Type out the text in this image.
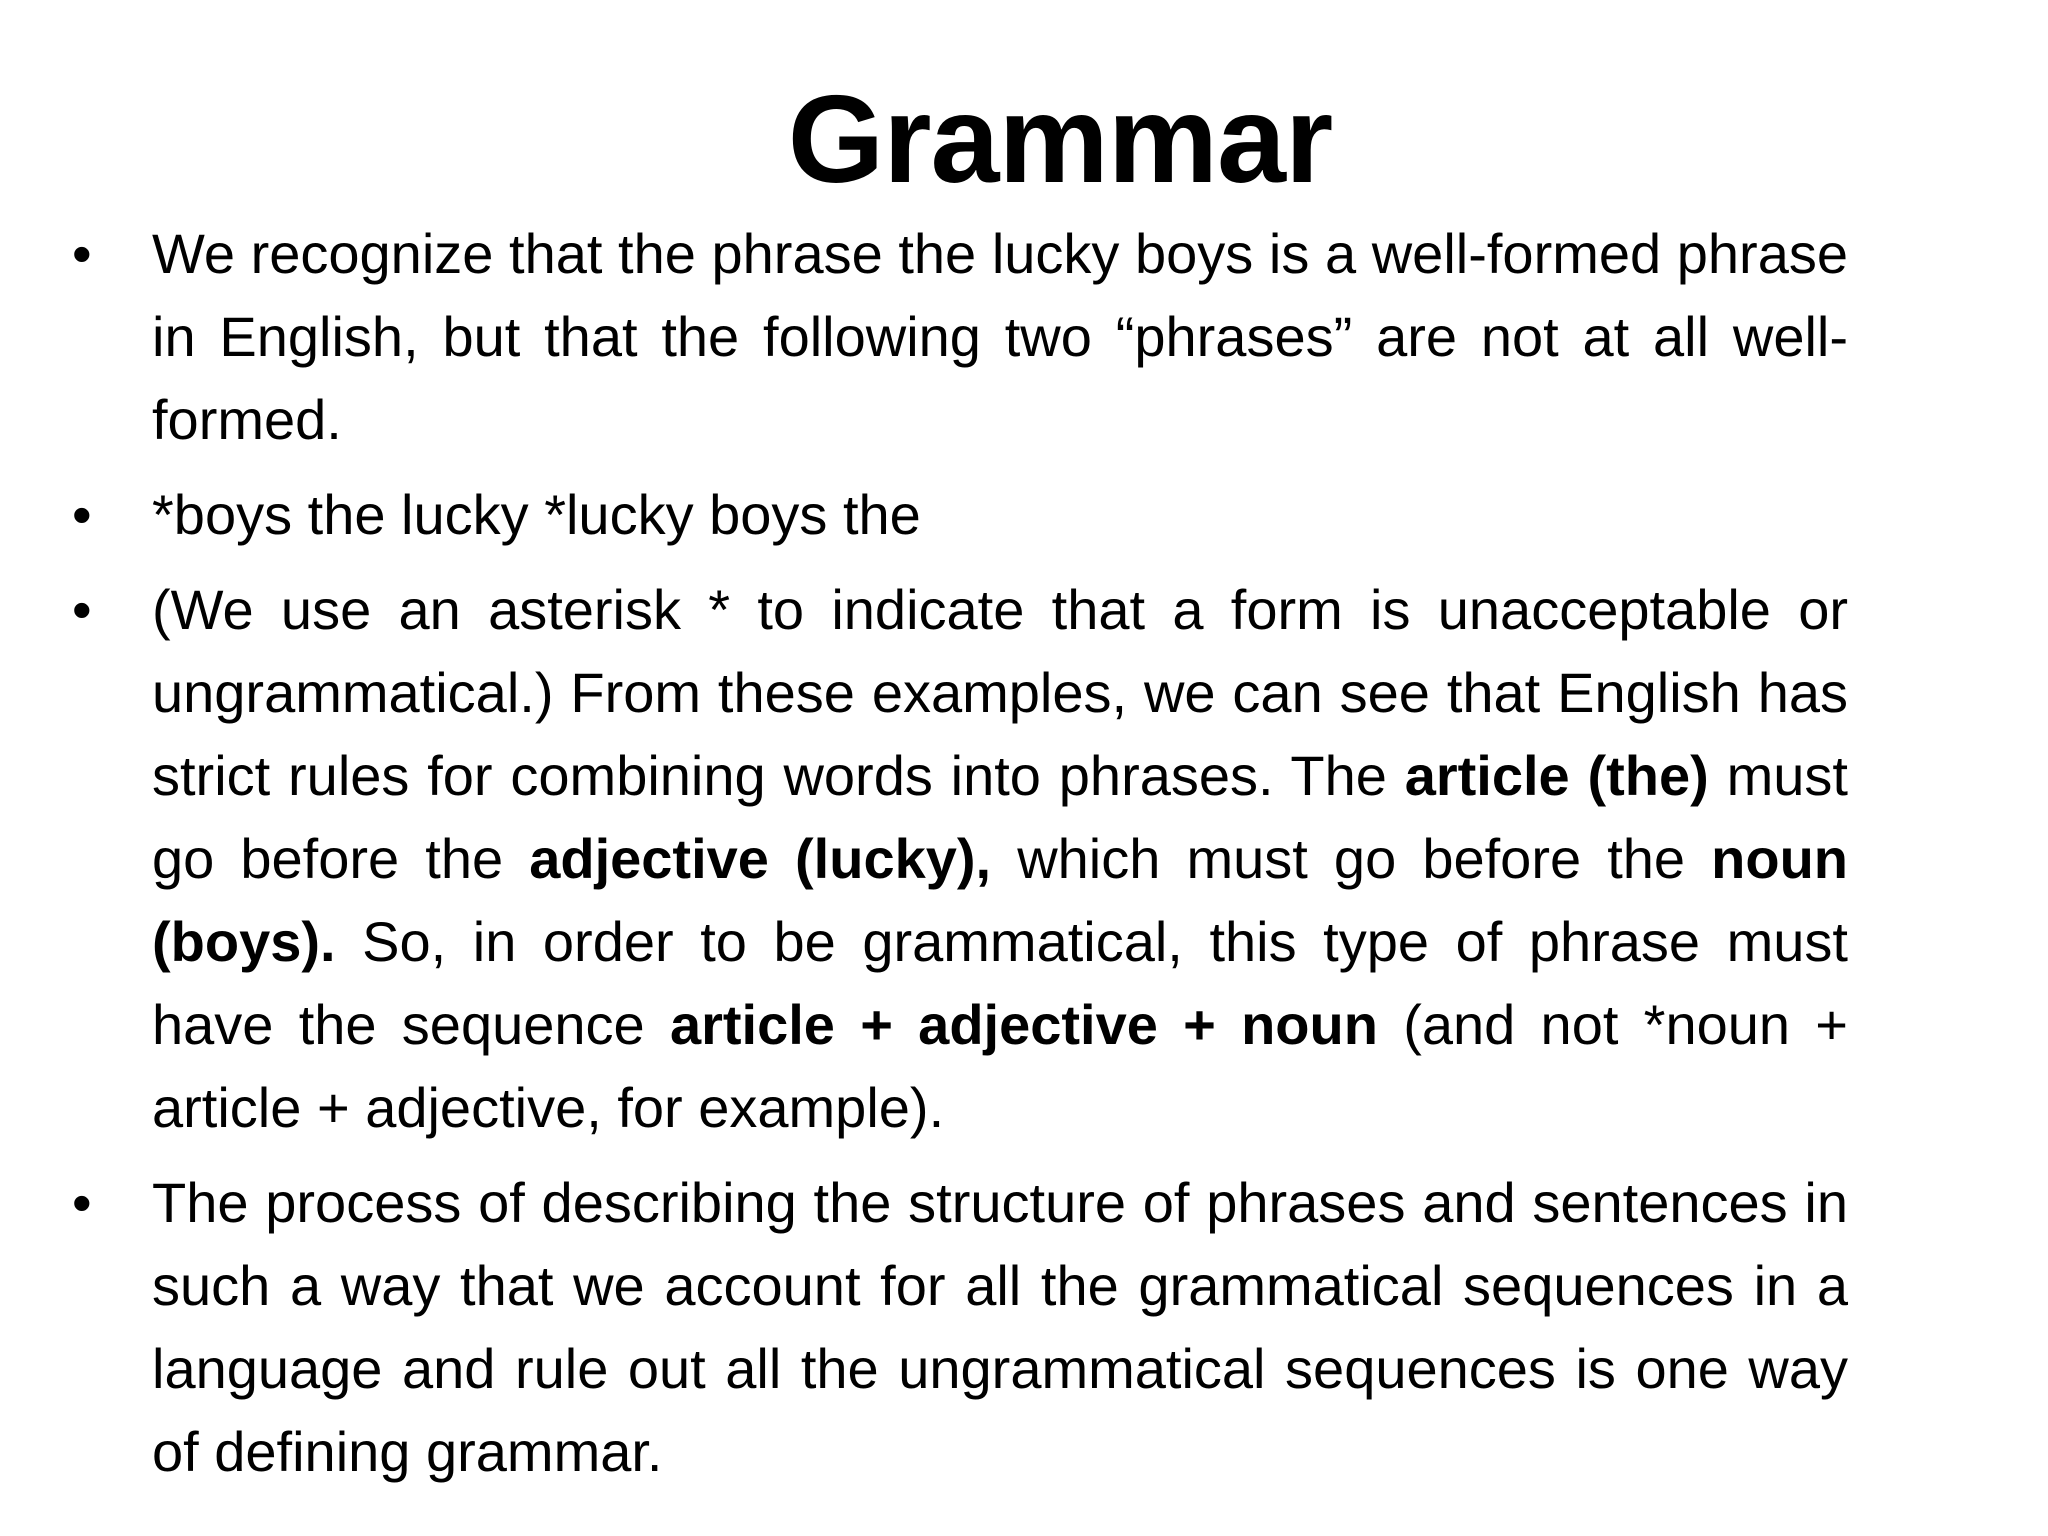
Grammar
•	We recognize that the phrase the lucky boys is a well-formed phrase in English, but that the following two “phrases” are not at all well-formed.
•	*boys the lucky *lucky boys the
•	(We use an asterisk * to indicate that a form is unacceptable or ungrammatical.) From these examples, we can see that English has strict rules for combining words into phrases. The article (the) must go before the adjective (lucky), which must go before the noun (boys). So, in order to be grammatical, this type of phrase must have the sequence article + adjective + noun (and not *noun + article + adjective, for example).
•	The process of describing the structure of phrases and sentences in such a way that we account for all the grammatical sequences in a language and rule out all the ungrammatical sequences is one way of defining grammar.
